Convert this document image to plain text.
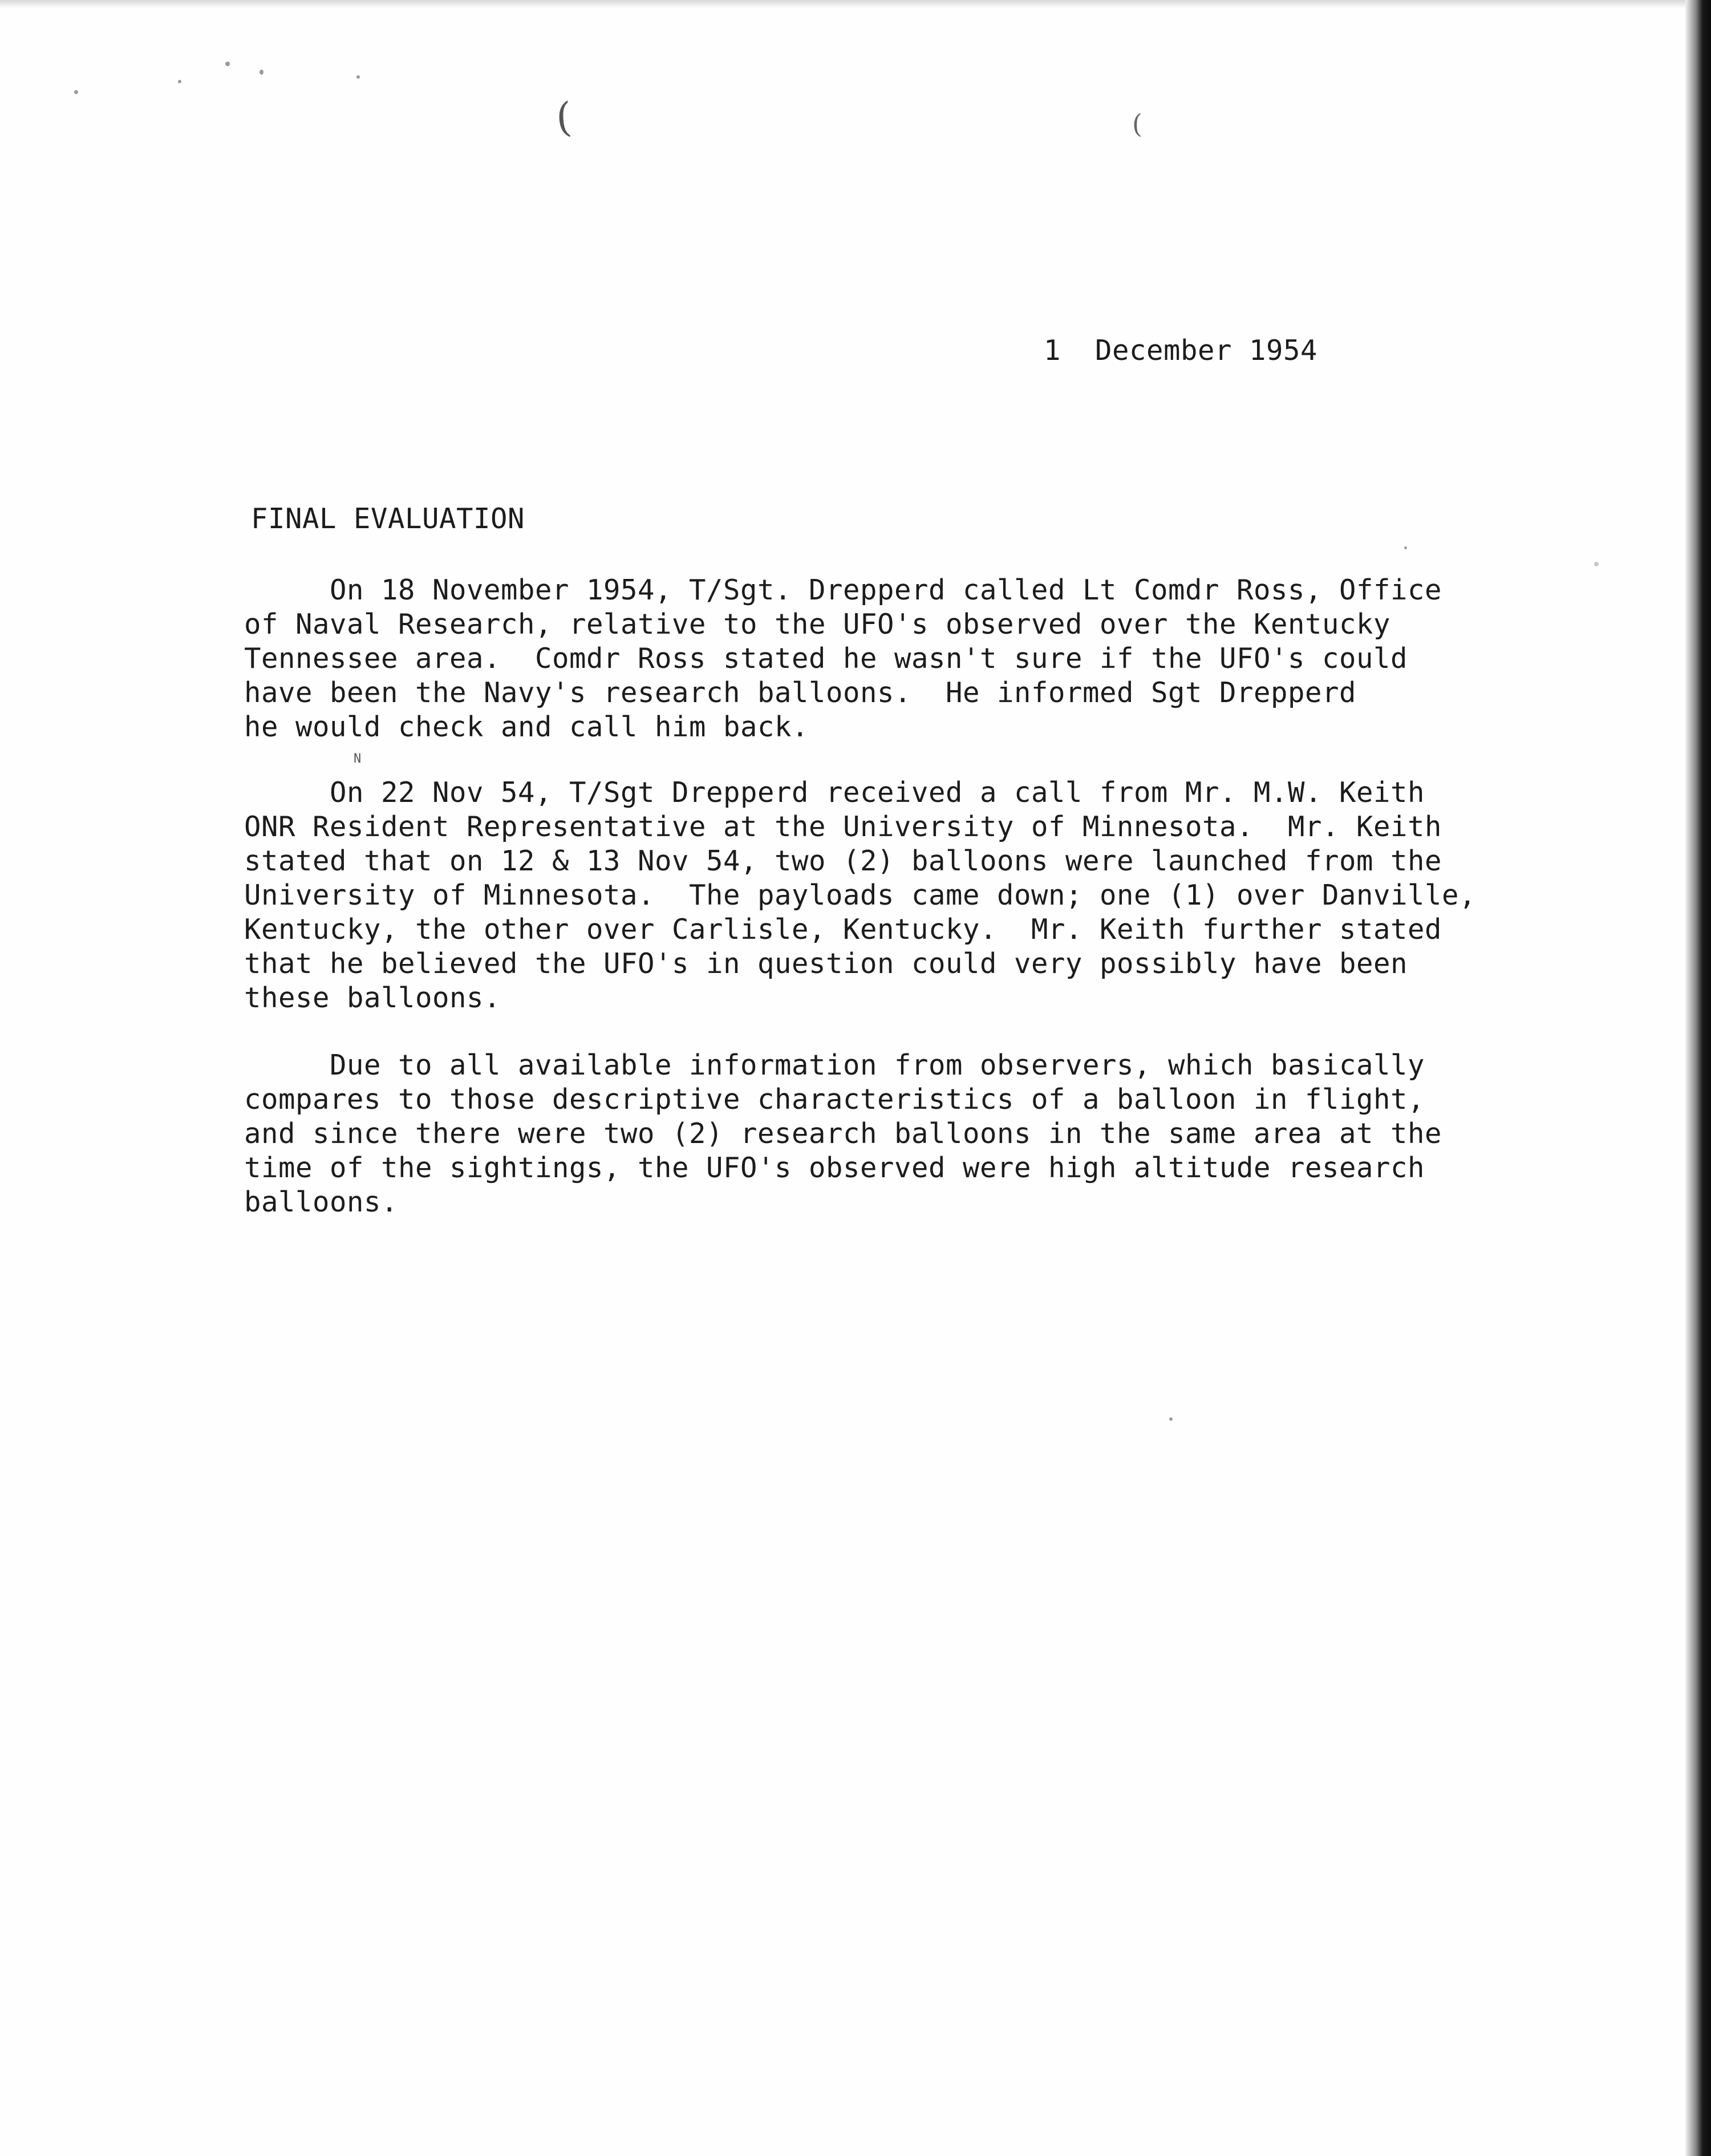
(	(

1  December 1954

FINAL EVALUATION

N

On 18 November 1954, T/Sgt. Drepperd called Lt Comdr Ross, Office
of Naval Research, relative to the UFO's observed over the Kentucky
Tennessee area.  Comdr Ross stated he wasn't sure if the UFO's could
have been the Navy's research balloons.  He informed Sgt Drepperd
he would check and call him back.

On 22 Nov 54, T/Sgt Drepperd received a call from Mr. M.W. Keith
ONR Resident Representative at the University of Minnesota.  Mr. Keith
stated that on 12 & 13 Nov 54, two (2) balloons were launched from the
University of Minnesota.  The payloads came down; one (1) over Danville,
Kentucky, the other over Carlisle, Kentucky.  Mr. Keith further stated
that he believed the UFO's in question could very possibly have been
these balloons.

Due to all available information from observers, which basically
compares to those descriptive characteristics of a balloon in flight,
and since there were two (2) research balloons in the same area at the
time of the sightings, the UFO's observed were high altitude research
balloons.
